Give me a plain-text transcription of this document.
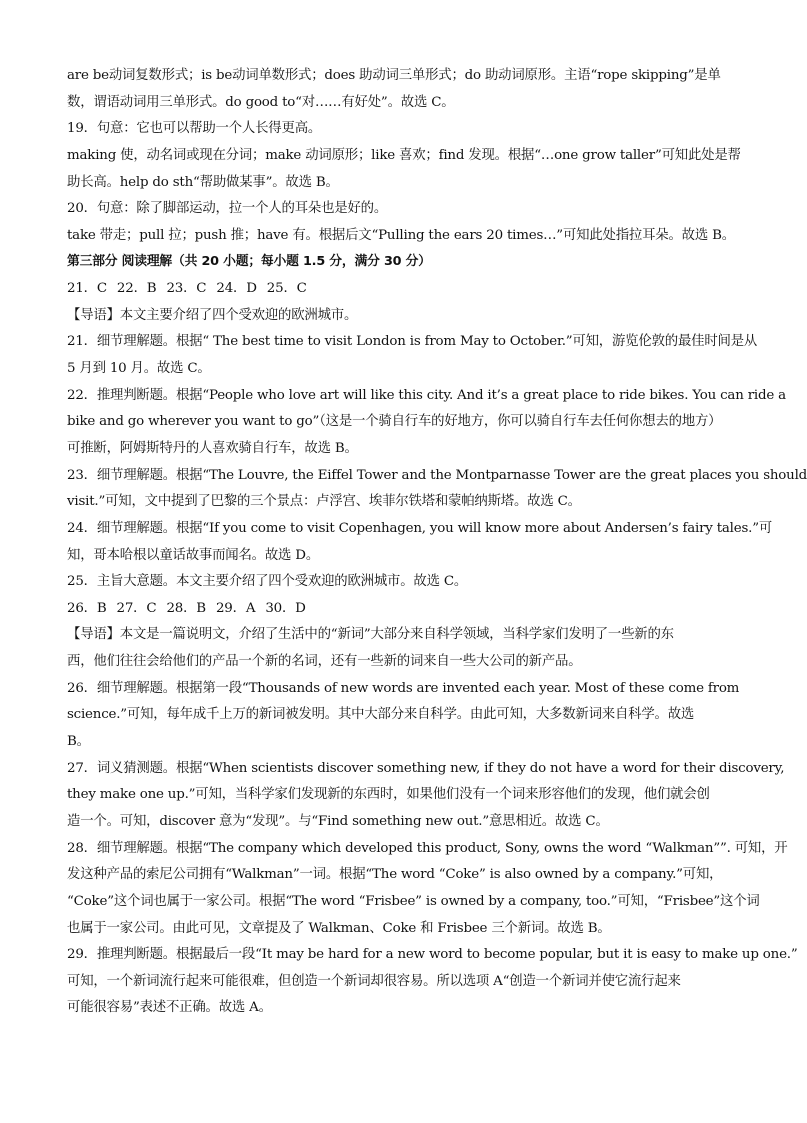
are be动词复数形式；is be动词单数形式；does 助动词三单形式；do 助动词原形。主语“rope skipping”是单
数，谓语动词用三单形式。do good to“对……有好处”。故选 C。
19．句意：它也可以帮助一个人长得更高。
making 使，动名词或现在分词；make 动词原形；like 喜欢；find 发现。根据“…one grow taller”可知此处是帮
助长高。help do sth“帮助做某事”。故选 B。
20．句意：除了脚部运动，拉一个人的耳朵也是好的。
take 带走；pull 拉；push 推；have 有。根据后文“Pulling the ears 20 times…”可知此处指拉耳朵。故选 B。
第三部分 阅读理解（共 20 小题；每小题 1.5 分，满分 30 分）
21．C 22．B 23．C 24．D 25．C
【导语】本文主要介绍了四个受欢迎的欧洲城市。
21．细节理解题。根据“ The best time to visit London is from May to October.”可知，游览伦敦的最佳时间是从
5 月到 10 月。故选 C。
22．推理判断题。根据“People who love art will like this city. And it’s a great place to ride bikes. You can ride a
bike and go wherever you want to go”（这是一个骑自行车的好地方，你可以骑自行车去任何你想去的地方）
可推断，阿姆斯特丹的人喜欢骑自行车，故选 B。
23．细节理解题。根据“The Louvre, the Eiffel Tower and the Montparnasse Tower are the great places you should
visit.”可知，文中提到了巴黎的三个景点：卢浮宫、埃菲尔铁塔和蒙帕纳斯塔。故选 C。
24．细节理解题。根据“If you come to visit Copenhagen, you will know more about Andersen’s fairy tales.”可
知，哥本哈根以童话故事而闻名。故选 D。
25．主旨大意题。本文主要介绍了四个受欢迎的欧洲城市。故选 C。
26．B 27．C 28．B 29．A 30．D
【导语】本文是一篇说明文，介绍了生活中的“新词”大部分来自科学领域，当科学家们发明了一些新的东
西，他们往往会给他们的产品一个新的名词，还有一些新的词来自一些大公司的新产品。
26．细节理解题。根据第一段“Thousands of new words are invented each year. Most of these come from
science.”可知，每年成千上万的新词被发明。其中大部分来自科学。由此可知，大多数新词来自科学。故选
B。
27．词义猜测题。根据“When scientists discover something new, if they do not have a word for their discovery,
they make one up.”可知，当科学家们发现新的东西时，如果他们没有一个词来形容他们的发现，他们就会创
造一个。可知，discover 意为“发现”。与“Find something new out.”意思相近。故选 C。
28．细节理解题。根据“The company which developed this product, Sony, owns the word “Walkman””. 可知，开
发这种产品的索尼公司拥有“Walkman”一词。根据“The word “Coke” is also owned by a company.”可知，
“Coke”这个词也属于一家公司。根据“The word “Frisbee” is owned by a company, too.”可知，“Frisbee”这个词
也属于一家公司。由此可见，文章提及了 Walkman、Coke 和 Frisbee 三个新词。故选 B。
29．推理判断题。根据最后一段“It may be hard for a new word to become popular, but it is easy to make up one.”
可知，一个新词流行起来可能很难，但创造一个新词却很容易。所以选项 A“创造一个新词并使它流行起来
可能很容易”表述不正确。故选 A。
